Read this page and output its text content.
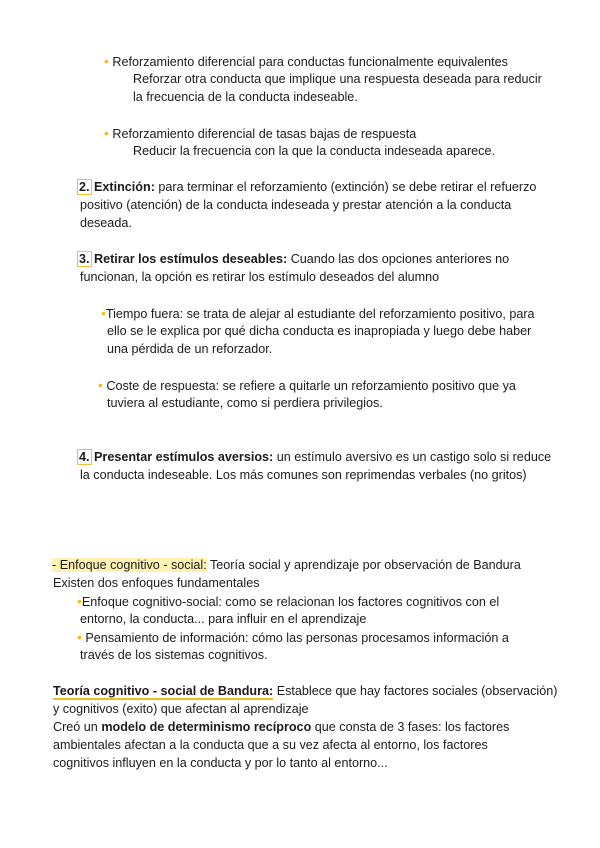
• Reforzamiento diferencial para conductas funcionalmente equivalentes

Reforzar otra conducta que implique una respuesta deseada para reducir

la frecuencia de la conducta indeseable.

• Reforzamiento diferencial de tasas bajas de respuesta

Reducir la frecuencia con la que la conducta indeseada aparece.

2. Extinción: para terminar el reforzamiento (extinción) se debe retirar el refuerzo

positivo (atención) de la conducta indeseada y prestar atención a la conducta

deseada.

3. Retirar los estímulos deseables: Cuando las dos opciones anteriores no

funcionan, la opción es retirar los estímulo deseados del alumno

•Tiempo fuera: se trata de alejar al estudiante del reforzamiento positivo, para

ello se le explica por qué dicha conducta es inapropiada y luego debe haber

una pérdida de un reforzador.

• Coste de respuesta: se refiere a quitarle un reforzamiento positivo que ya

tuviera al estudiante, como si perdiera privilegios.

4. Presentar estímulos aversios: un estímulo aversivo es un castigo solo si reduce

la conducta indeseable. Los más comunes son reprimendas verbales (no gritos)

- Enfoque cognitivo - social: Teoría social y aprendizaje por observación de Bandura

Existen dos enfoques fundamentales

•Enfoque cognitivo-social: como se relacionan los factores cognitivos con el

entorno, la conducta... para influir en el aprendizaje

• Pensamiento de información: cómo las personas procesamos información a

través de los sistemas cognitivos.

Teoría cognitivo - social de Bandura: Establece que hay factores sociales (observación)

y cognitivos (exito) que afectan al aprendizaje

Creó un modelo de determinismo recíproco que consta de 3 fases: los factores

ambientales afectan a la conducta que a su vez afecta al entorno, los factores

cognitivos influyen en la conducta y por lo tanto al entorno...
